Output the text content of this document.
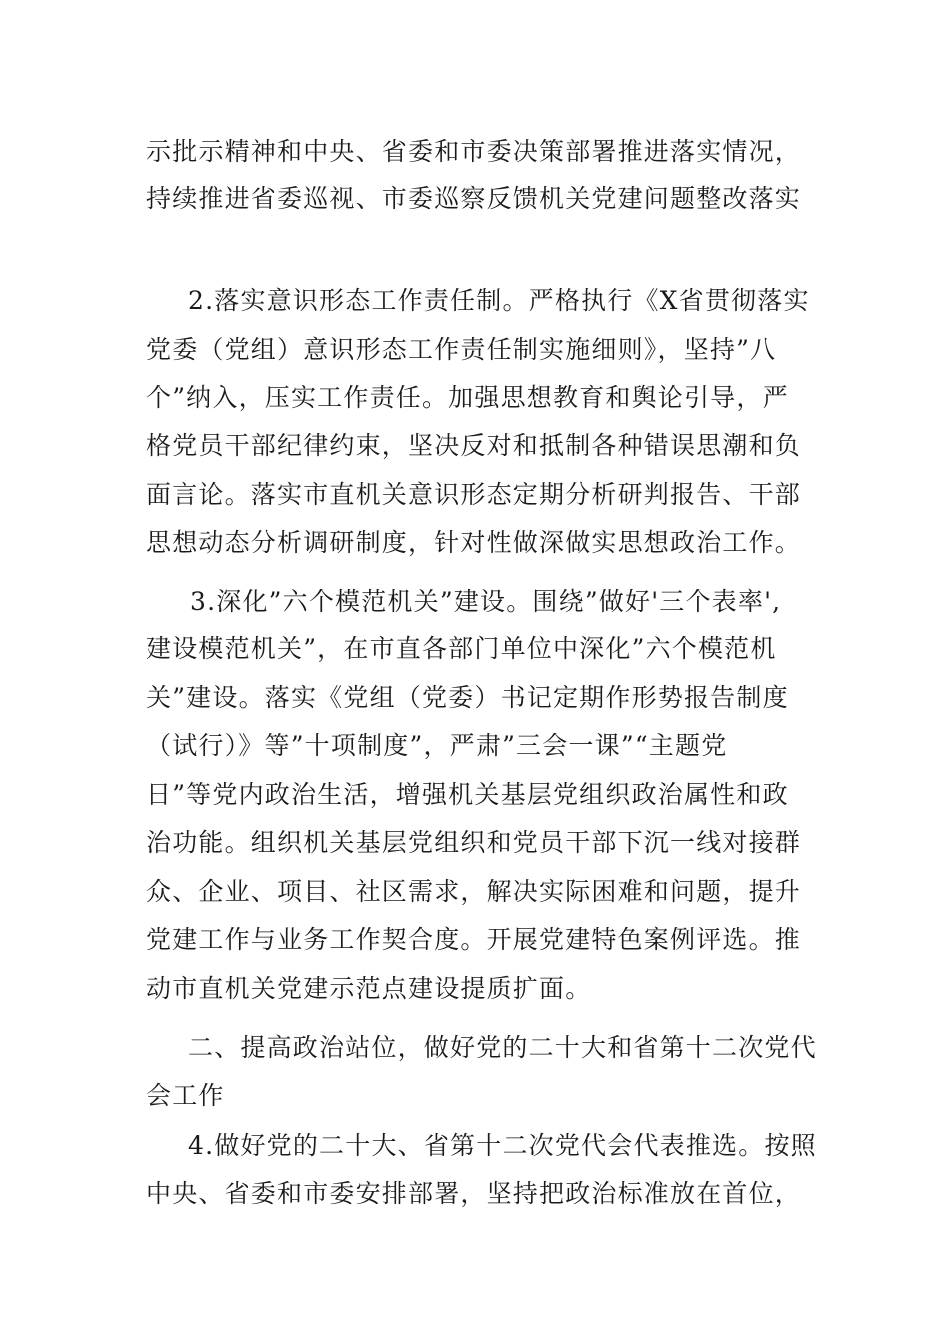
示批示精神和中央、省委和市委决策部署推进落实情况，

持续推进省委巡视、市委巡察反馈机关党建问题整改落实

2.落实意识形态工作责任制。严格执行《X省贯彻落实

党委（党组）意识形态工作责任制实施细则》，坚持”八

个”纳入，压实工作责任。加强思想教育和舆论引导，严

格党员干部纪律约束，坚决反对和抵制各种错误思潮和负

面言论。落实市直机关意识形态定期分析研判报告、干部

思想动态分析调研制度，针对性做深做实思想政治工作。

3.深化”六个模范机关”建设。围绕”做好'三个表率',

建设模范机关”，在市直各部门单位中深化”六个模范机

关”建设。落实《党组（党委）书记定期作形势报告制度

（试行）》等”十项制度”，严肃”三会一课”“主题党

日”等党内政治生活，增强机关基层党组织政治属性和政

治功能。组织机关基层党组织和党员干部下沉一线对接群

众、企业、项目、社区需求，解决实际困难和问题，提升

党建工作与业务工作契合度。开展党建特色案例评选。推

动市直机关党建示范点建设提质扩面。

二、提高政治站位，做好党的二十大和省第十二次党代

会工作

4.做好党的二十大、省第十二次党代会代表推选。按照

中央、省委和市委安排部署，坚持把政治标准放在首位，
